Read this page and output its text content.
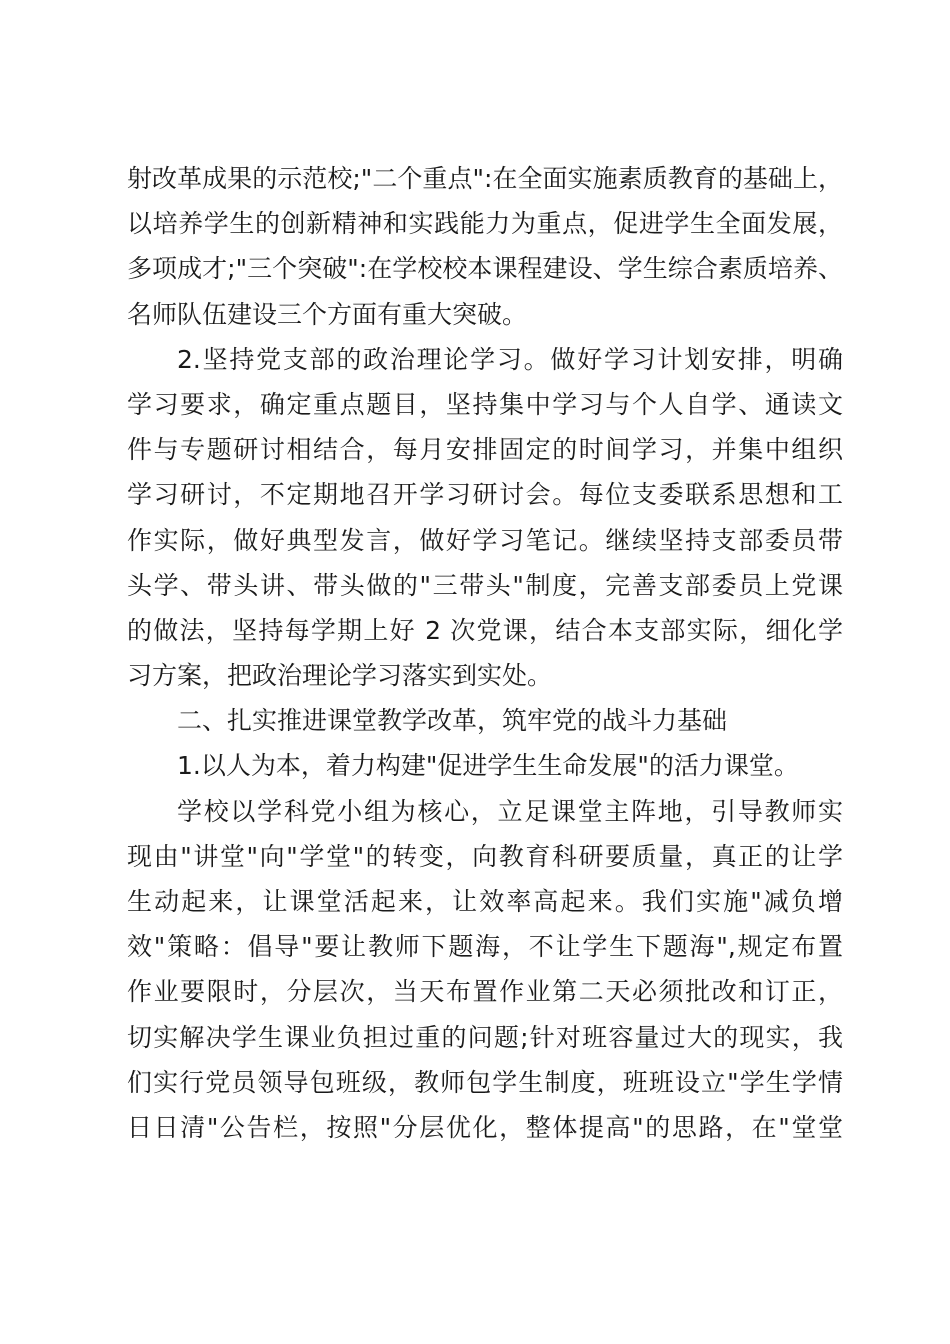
射改革成果的示范校;"二个重点":在全面实施素质教育的基础上，
以培养学生的创新精神和实践能力为重点，促进学生全面发展，
多项成才;"三个突破":在学校校本课程建设、学生综合素质培养、
名师队伍建设三个方面有重大突破。
2.坚持党支部的政治理论学习。做好学习计划安排，明确
学习要求，确定重点题目，坚持集中学习与个人自学、通读文
件与专题研讨相结合，每月安排固定的时间学习，并集中组织
学习研讨，不定期地召开学习研讨会。每位支委联系思想和工
作实际，做好典型发言，做好学习笔记。继续坚持支部委员带
头学、带头讲、带头做的"三带头"制度，完善支部委员上党课
的做法，坚持每学期上好 2 次党课，结合本支部实际，细化学
习方案，把政治理论学习落实到实处。
二、扎实推进课堂教学改革，筑牢党的战斗力基础
1.以人为本，着力构建"促进学生生命发展"的活力课堂。
学校以学科党小组为核心，立足课堂主阵地，引导教师实
现由"讲堂"向"学堂"的转变，向教育科研要质量，真正的让学
生动起来，让课堂活起来，让效率高起来。我们实施"减负增
效"策略：倡导"要让教师下题海，不让学生下题海",规定布置
作业要限时，分层次，当天布置作业第二天必须批改和订正，
切实解决学生课业负担过重的问题;针对班容量过大的现实，我
们实行党员领导包班级，教师包学生制度，班班设立"学生学情
日日清"公告栏，按照"分层优化，整体提高"的思路，在"堂堂
